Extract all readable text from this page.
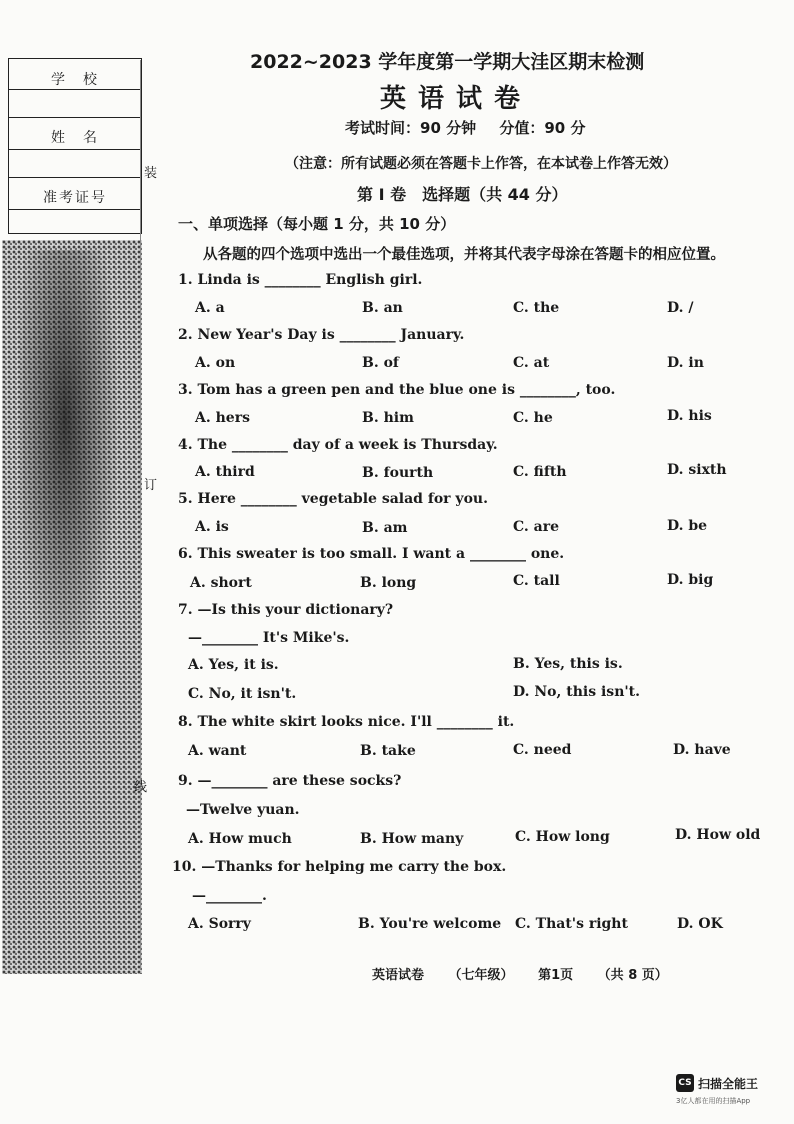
学　校
姓　名
准考证号
装
订
线
2022~2023 学年度第一学期大洼区期末检测
英语试卷
考试时间：90 分钟 分值：90 分
（注意：所有试题必须在答题卡上作答，在本试卷上作答无效）
第 I 卷　选择题（共 44 分）
一、单项选择（每小题 1 分，共 10 分）
从各题的四个选项中选出一个最佳选项，并将其代表字母涂在答题卡的相应位置。
1. Linda is ________ English girl.
A. a	B. an	C. the	D. /
2. New Year's Day is ________ January.
A. on	B. of	C. at	D. in
3. Tom has a green pen and the blue one is ________, too.
A. hers	B. him	C. he	D. his
4. The ________ day of a week is Thursday.
A. third	B. fourth	C. fifth	D. sixth
5. Here ________ vegetable salad for you.
A. is	B. am	C. are	D. be
6. This sweater is too small. I want a ________ one.
A. short	B. long	C. tall	D. big
7. —Is this your dictionary?
—________ It's Mike's.
A. Yes, it is.	B. Yes, this is.
C. No, it isn't.	D. No, this isn't.
8. The white skirt looks nice. I'll ________ it.
A. want	B. take	C. need	D. have
9. —________ are these socks?
—Twelve yuan.
A. How much	B. How many	C. How long	D. How old
10. —Thanks for helping me carry the box.
—________.
A. Sorry	B. You're welcome C. That's right	D. OK
英语试卷 （七年级） 第1页 （共 8 页）
CS 扫描全能王
3亿人都在用的扫描App
